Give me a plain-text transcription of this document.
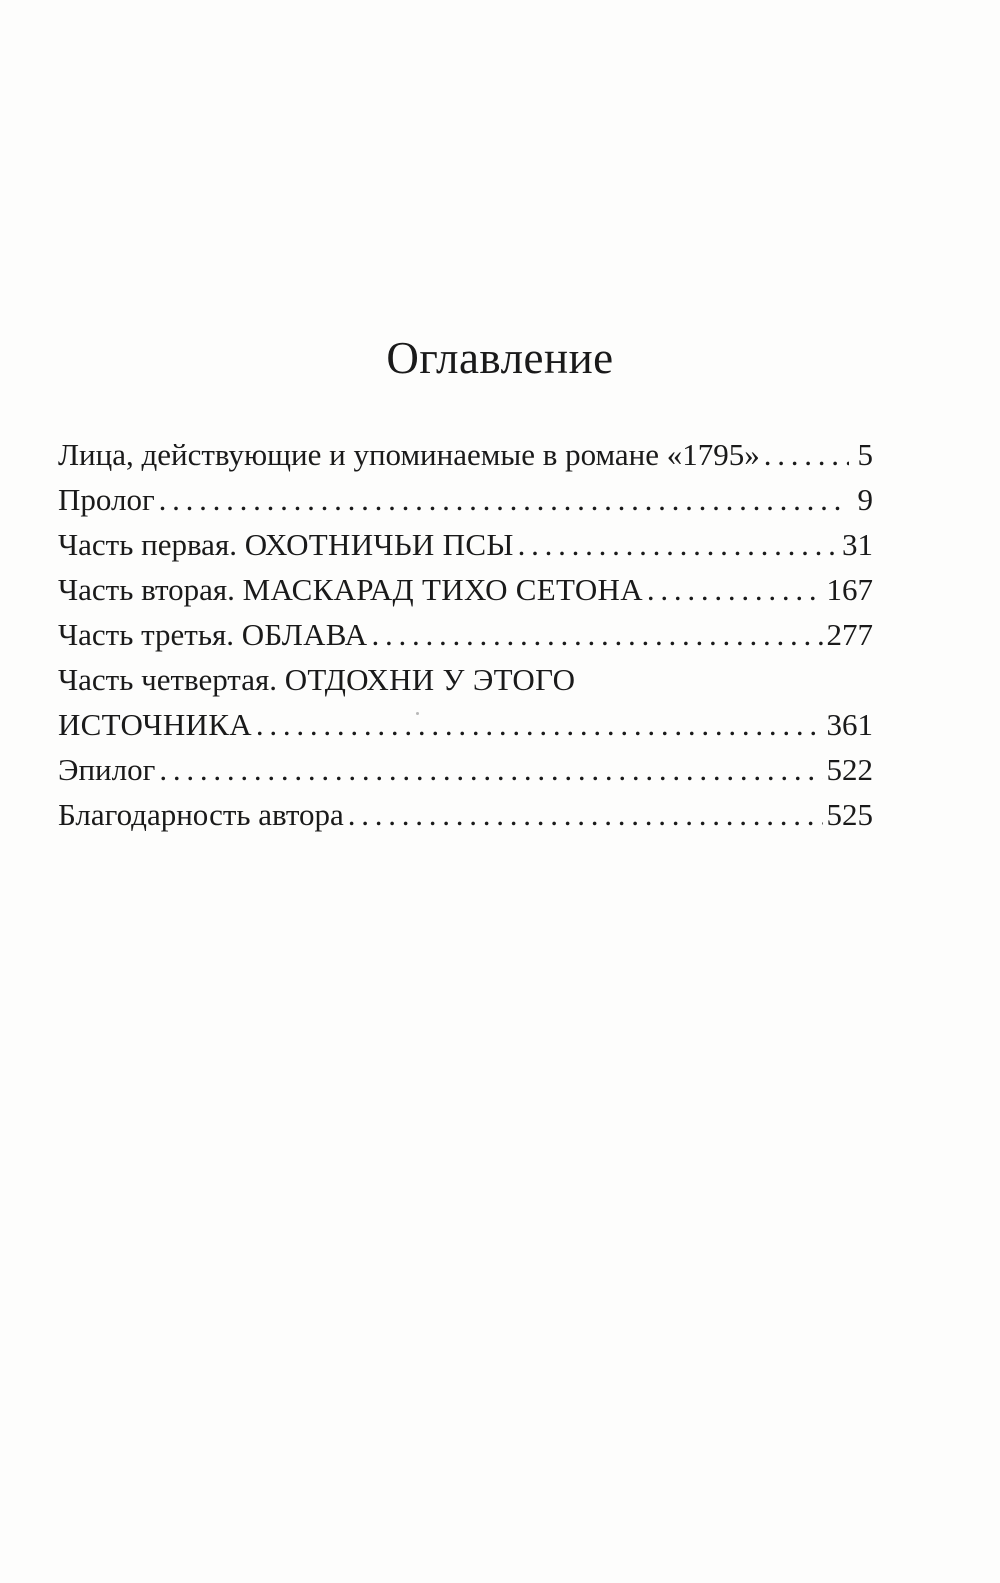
Оглавление
Лица, действующие и упоминаемые в романе «1795» . . .	5
Пролог . . .	9
Часть первая. ОХОТНИЧЬИ ПСЫ . . .	31
Часть вторая. МАСКАРАД ТИХО СЕТОНА . . .	167
Часть третья. ОБЛАВА . . .	277
Часть четвертая. ОТДОХНИ У ЭТОГО
ИСТОЧНИКА . . .	361
Эпилог . . .	522
Благодарность автора . . .	525
